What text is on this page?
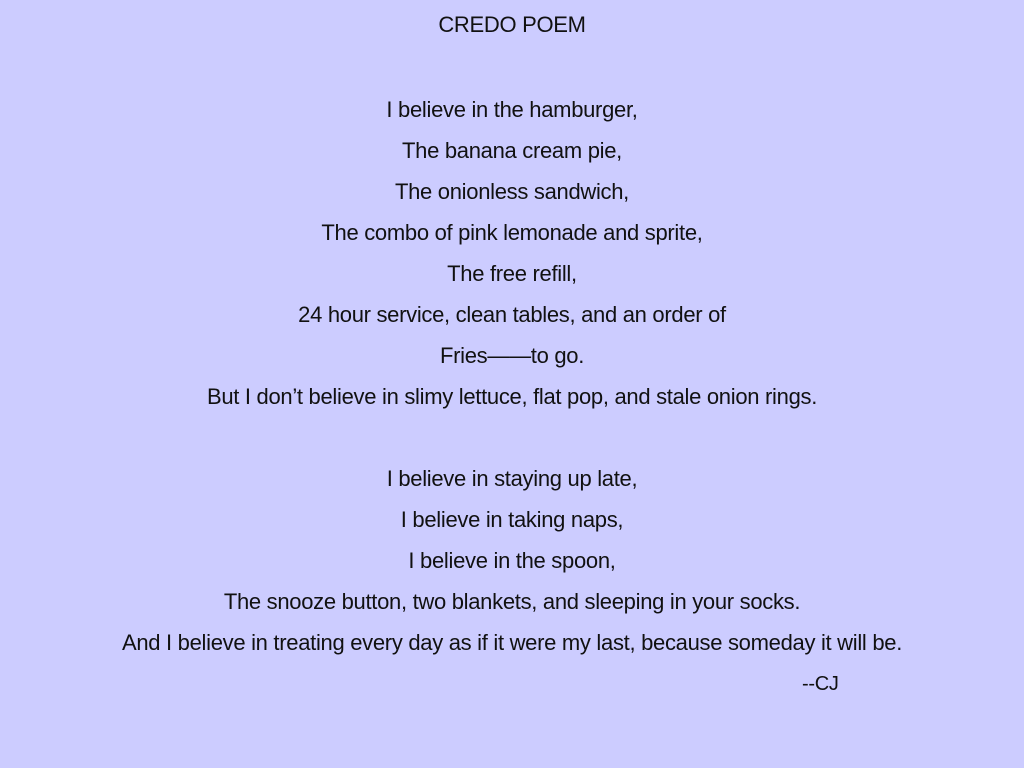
CREDO POEM
I believe in the hamburger,
The banana cream pie,
The onionless sandwich,
The combo of pink lemonade and sprite,
The free refill,
24 hour service, clean tables, and an order of
Fries——to go.
But I don’t believe in slimy lettuce, flat pop, and stale onion rings.
I believe in staying up late,
I believe in taking naps,
I believe in the spoon,
The snooze button, two blankets, and sleeping in your socks.
And I believe in treating every day as if it were my last, because someday it will be.
--CJ
